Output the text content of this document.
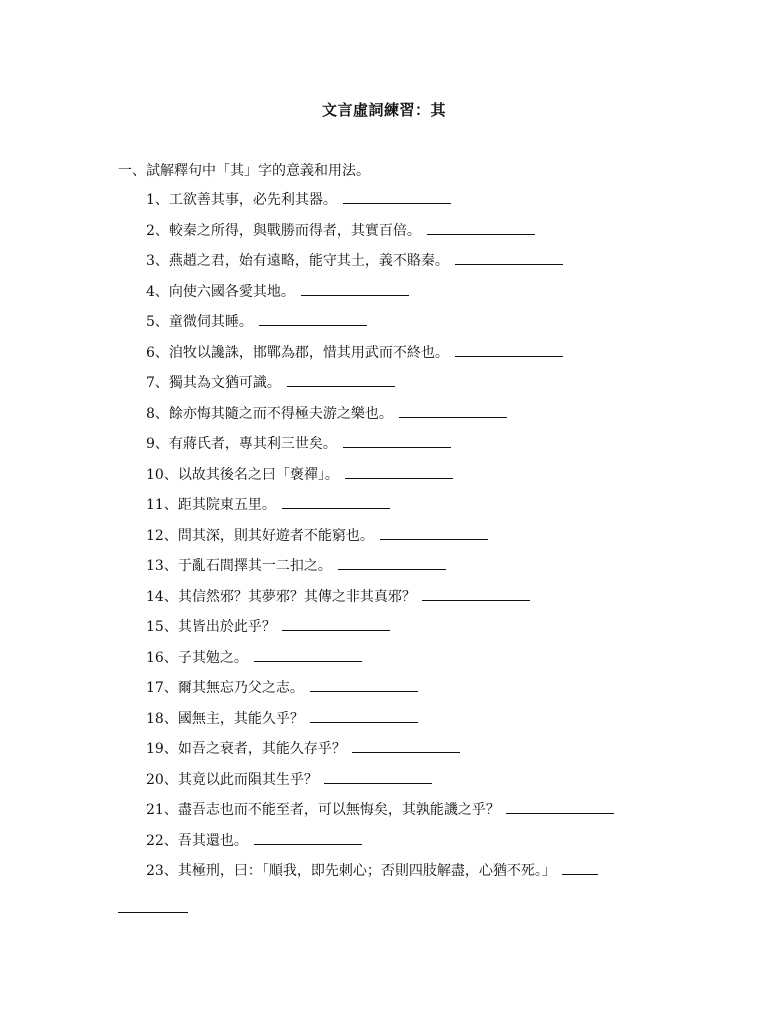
文言虛詞練習：其
一、試解釋句中「其」字的意義和用法。
1、工欲善其事，必先利其器。
2、較秦之所得，與戰勝而得者，其實百倍。
3、燕趙之君，始有遠略，能守其土，義不賂秦。
4、向使六國各愛其地。
5、童微伺其睡。
6、洎牧以讒誅，邯鄲為郡，惜其用武而不終也。
7、獨其為文猶可識。
8、餘亦悔其隨之而不得極夫游之樂也。
9、有蔣氏者，專其利三世矣。
10、以故其後名之曰「褒禪」。
11、距其院東五里。
12、問其深，則其好遊者不能窮也。
13、于亂石間擇其一二扣之。
14、其信然邪？其夢邪？其傳之非其真邪？
15、其皆出於此乎？
16、子其勉之。
17、爾其無忘乃父之志。
18、國無主，其能久乎？
19、如吾之衰者，其能久存乎？
20、其竟以此而隕其生乎？
21、盡吾志也而不能至者，可以無悔矣，其孰能譏之乎？
22、吾其還也。
23、其極刑，曰：「順我，即先刺心；否則四肢解盡，心猶不死。」
